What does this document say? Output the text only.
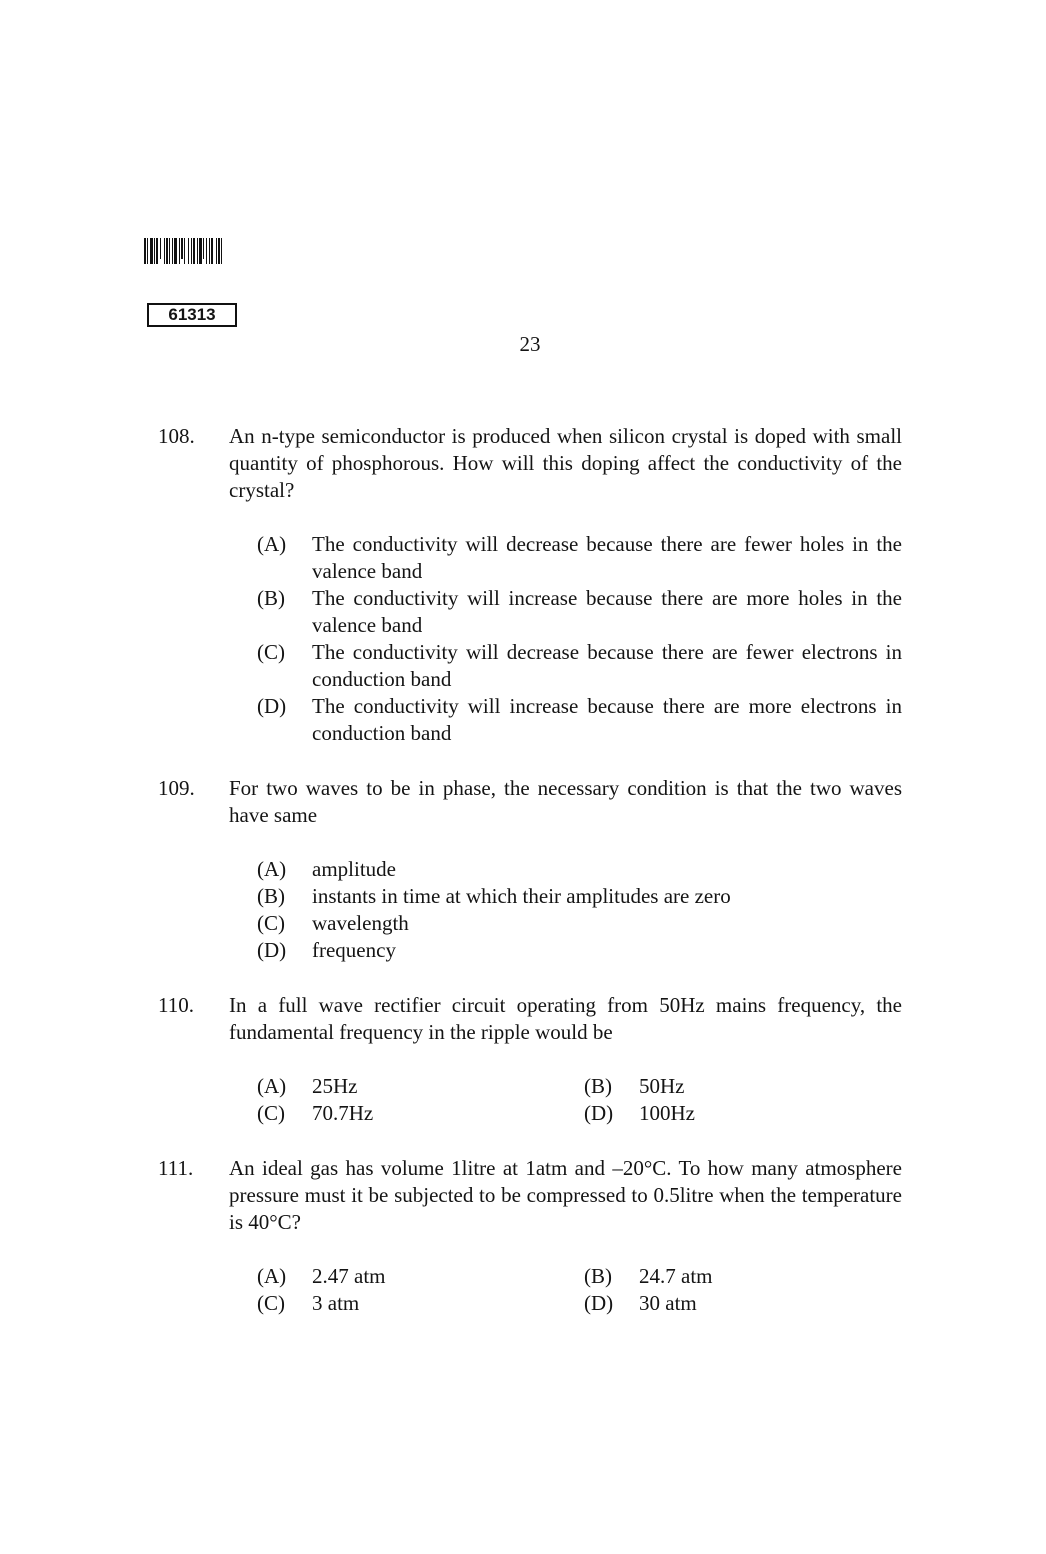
61313
23
108. An n-type semiconductor is produced when silicon crystal is doped with small quantity of phosphorous. How will this doping affect the conductivity of the crystal?
(A)	The conductivity will decrease because there are fewer holes in the valence band
(B)	The conductivity will increase because there are more holes in the valence band
(C)	The conductivity will decrease because there are fewer electrons in conduction band
(D)	The conductivity will increase because there are more electrons in conduction band
109. For two waves to be in phase, the necessary condition is that the two waves have same
(A)	amplitude
(B)	instants in time at which their amplitudes are zero
(C)	wavelength
(D)	frequency
110. In a full wave rectifier circuit operating from 50Hz mains frequency, the fundamental frequency in the ripple would be
(A)	25Hz	(B)	50Hz
(C)	70.7Hz	(D)	100Hz
111. An ideal gas has volume 1litre at 1atm and –20°C. To how many atmosphere pressure must it be subjected to be compressed to 0.5litre when the temperature is 40°C?
(A)	2.47 atm	(B)	24.7 atm
(C)	3 atm	(D)	30 atm
